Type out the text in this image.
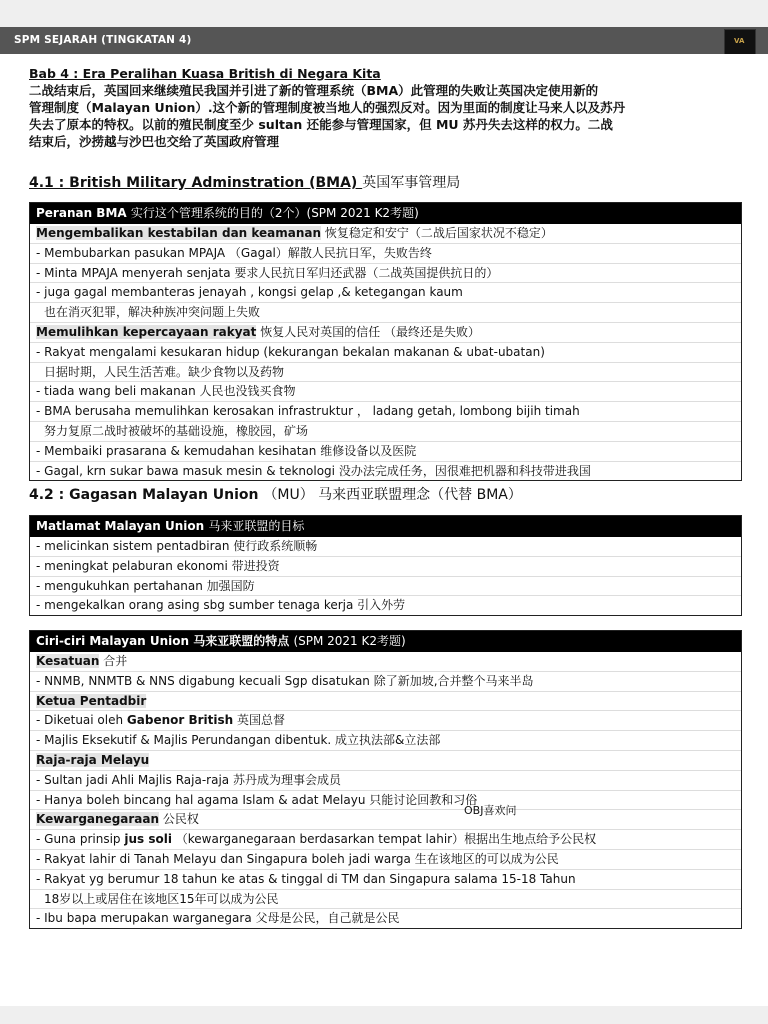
SPM SEJARAH (TINGKATAN 4)	VA
Bab 4 : Era Peralihan Kuasa British di Negara Kita
二战结束后，英国回来继续殖民我国并引进了新的管理系统（BMA）此管理的失败让英国决定使用新的
管理制度（Malayan Union）.这个新的管理制度被当地人的强烈反对。因为里面的制度让马来人以及苏丹
失去了原本的特权。以前的殖民制度至少 sultan 还能参与管理国家，但 MU 苏丹失去这样的权力。二战
结束后，沙捞越与沙巴也交给了英国政府管理
4.1 : British Military Adminstration (BMA) 英国军事管理局
Peranan BMA 实行这个管理系统的目的（2个）(SPM 2021 K2考题)
Mengembalikan kestabilan dan keamanan 恢复稳定和安宁（二战后国家状况不稳定）
- Membubarkan pasukan MPAJA （Gagal）解散人民抗日军，失败告终
- Minta MPAJA menyerah senjata 要求人民抗日军归还武器（二战英国提供抗日的）
- juga gagal membanteras jenayah , kongsi gelap ,& ketegangan kaum
也在消灭犯罪，解决种族冲突问题上失败
Memulihkan kepercayaan rakyat 恢复人民对英国的信任 （最终还是失败）
- Rakyat mengalami kesukaran hidup (kekurangan bekalan makanan & ubat-ubatan)
日据时期，人民生活苦难。缺少食物以及药物
- tiada wang beli makanan 人民也没钱买食物
- BMA berusaha memulihkan kerosakan infrastruktur ， ladang getah, lombong bijih timah
努力复原二战时被破坏的基础设施，橡胶园，矿场
- Membaiki prasarana & kemudahan kesihatan 维修设备以及医院
- Gagal, krn sukar bawa masuk mesin & teknologi 没办法完成任务，因很难把机器和科技带进我国
4.2 : Gagasan Malayan Union （MU） 马来西亚联盟理念（代替 BMA）
Matlamat Malayan Union 马来亚联盟的目标
- melicinkan sistem pentadbiran 使行政系统顺畅
- meningkat pelaburan ekonomi 带进投资
- mengukuhkan pertahanan 加强国防
- mengekalkan orang asing sbg sumber tenaga kerja 引入外劳
Ciri-ciri Malayan Union 马来亚联盟的特点 (SPM 2021 K2考题)
Kesatuan 合并
- NNMB, NNMTB & NNS digabung kecuali Sgp disatukan 除了新加坡,合并整个马来半岛
Ketua Pentadbir
- Diketuai oleh Gabenor British 英国总督
- Majlis Eksekutif & Majlis Perundangan dibentuk. 成立执法部&立法部
Raja-raja Melayu
- Sultan jadi Ahli Majlis Raja-raja 苏丹成为理事会成员
- Hanya boleh bincang hal agama Islam & adat Melayu 只能讨论回教和习俗
Kewarganegaraan 公民权
- Guna prinsip jus soli （kewarganegaraan berdasarkan tempat lahir）根据出生地点给予公民权
- Rakyat lahir di Tanah Melayu dan Singapura boleh jadi warga 生在该地区的可以成为公民
- Rakyat yg berumur 18 tahun ke atas & tinggal di TM dan Singapura salama 15-18 Tahun
18岁以上或居住在该地区15年可以成为公民
- Ibu bapa merupakan warganegara 父母是公民，自己就是公民
OBJ喜欢问
